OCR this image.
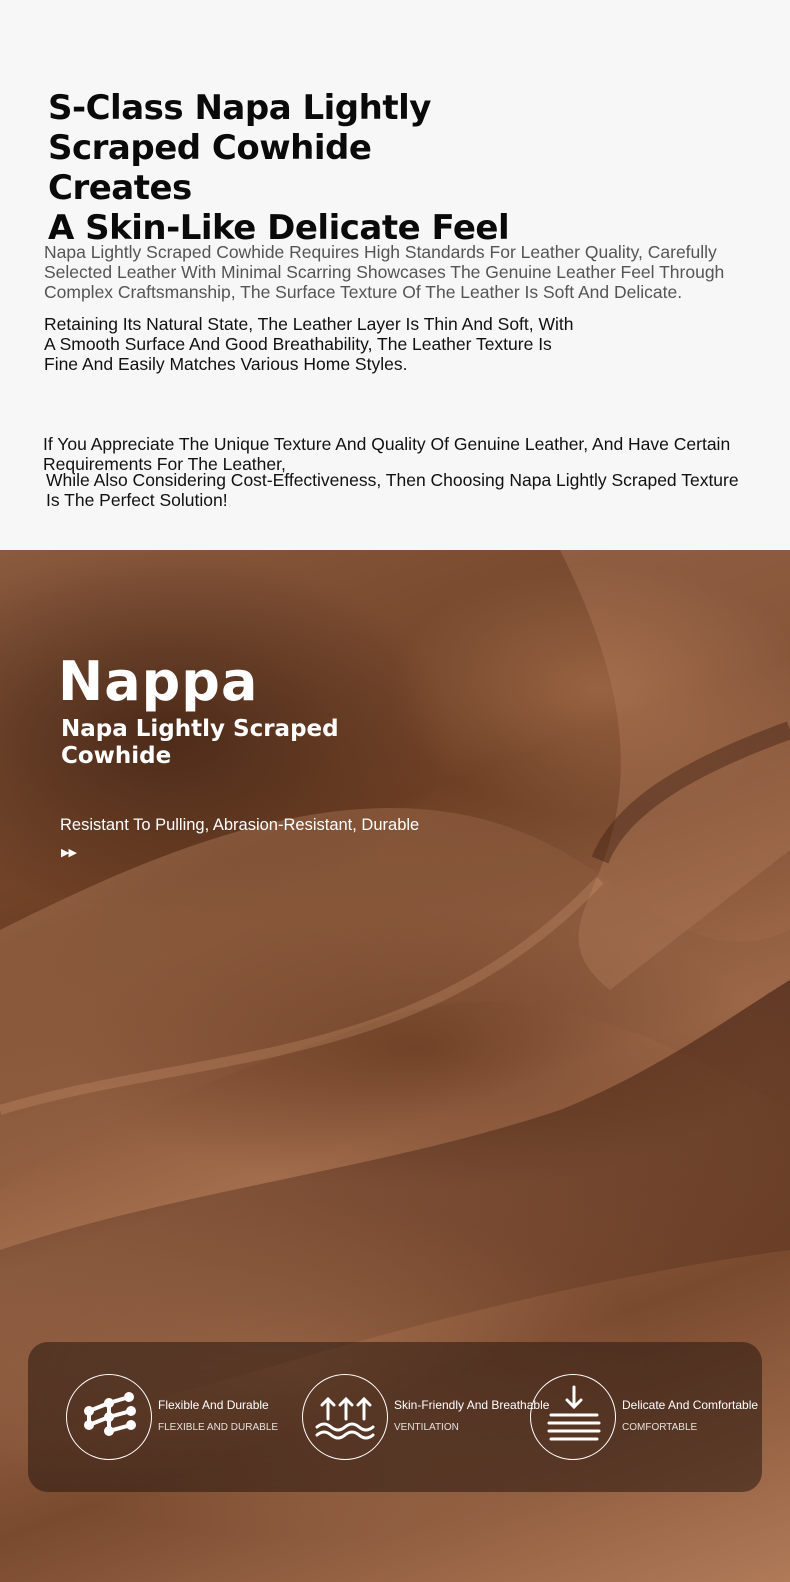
S-Class Napa Lightly
Scraped Cowhide Creates
A Skin-Like Delicate Feel
Napa Lightly Scraped Cowhide Requires High Standards For Leather Quality, Carefully Selected Leather With Minimal Scarring Showcases The Genuine Leather Feel Through Complex Craftsmanship, The Surface Texture Of The Leather Is Soft And Delicate.
Retaining Its Natural State, The Leather Layer Is Thin And Soft, With A Smooth Surface And Good Breathability, The Leather Texture Is Fine And Easily Matches Various Home Styles.
If You Appreciate The Unique Texture And Quality Of Genuine Leather, And Have Certain Requirements For The Leather,
While Also Considering Cost-Effectiveness, Then Choosing Napa Lightly Scraped Texture Is The Perfect Solution!
Nappa
Napa Lightly Scraped Cowhide
Resistant To Pulling, Abrasion-Resistant, Durable
▶▶
Flexible And Durable
FLEXIBLE AND DURABLE
Skin-Friendly And Breathable
VENTILATION
Delicate And Comfortable
COMFORTABLE
